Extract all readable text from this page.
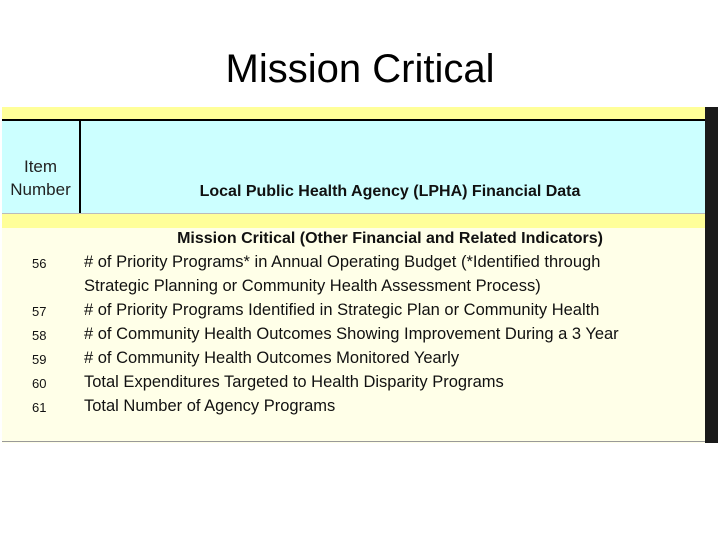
Mission Critical
Item Number	Local Public Health Agency (LPHA) Financial Data
Mission Critical (Other Financial and Related Indicators)
56 # of Priority Programs* in Annual Operating Budget (*Identified through
Strategic Planning or Community Health Assessment Process)
57 # of Priority Programs Identified in Strategic Plan or Community Health
58 # of Community Health Outcomes Showing Improvement During a 3 Year
59 # of Community Health Outcomes Monitored Yearly
60 Total Expenditures Targeted to Health Disparity Programs
61 Total Number of Agency Programs
